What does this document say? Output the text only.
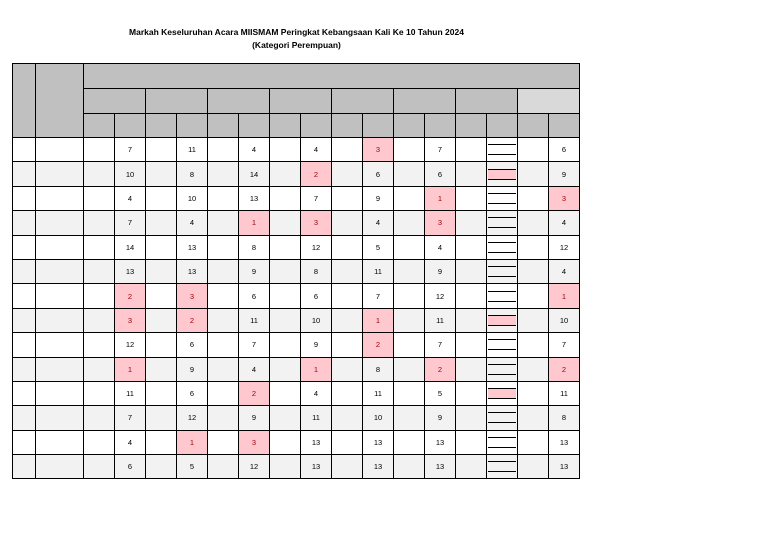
Markah Keseluruhan Acara MIISMAM Peringkat Kebangsaan Kali Ke 10 Tahun 2024
(Kategori Perempuan)

			7		11		4		4		3		7				6
			10		8		14		2		6		6				9
			4		10		13		7		9		1				3
			7		4		1		3		4		3				4
			14		13		8		12		5		4				12
			13		13		9		8		11		9				4
			2		3		6		6		7		12				1
			3		2		11		10		1		11				10
			12		6		7		9		2		7				7
			1		9		4		1		8		2				2
			11		6		2		4		11		5				11
			7		12		9		11		10		9				8
			4		1		3		13		13		13				13
			6		5		12		13		13		13				13
